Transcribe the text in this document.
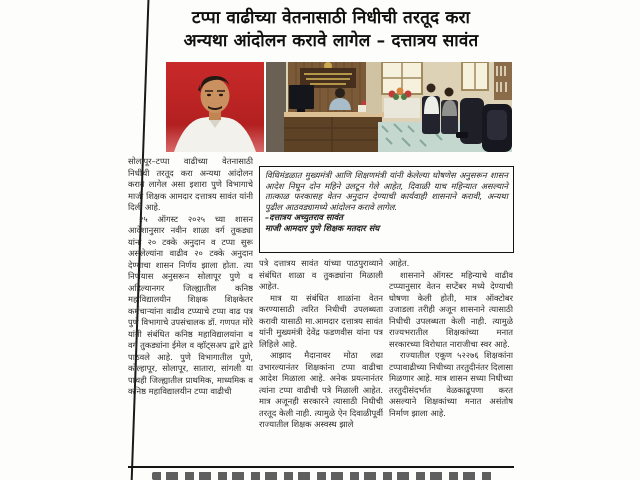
टप्पा वाढीच्या वेतनासाठी निधीची तरतूद करा
अन्यथा आंदोलन करावे लागेल – दत्तात्रय सावंत

सोलापूर–टप्पा वाढीच्या वेतनासाठी निधीची तरतूद करा अन्यथा आंदोलन करावे लागेल असा इशारा पुणे विभागाचे माजी शिक्षक आमदार दत्तात्रय सावंत यांनी दिली आहे.

२५ ऑगस्ट २०२५ च्या शासन आदेशानुसार नवीन शाळा वर्ग तुकड्या यांना २० टक्के अनुदान व टप्पा सुरू असलेल्यांना वाढीव २० टक्के अनुदान देण्याचा शासन निर्णय झाला होता. त्या निर्णयास अनुसरून सोलापूर पुणे व अहिल्यानगर जिल्ह्यातील कनिष्ठ महाविद्यालयीन शिक्षक शिक्षकेतर कर्मचाऱ्यांना वाढीव टप्प्याचे टप्पा वाढ पत्र पुणे विभागाचे उपसंचालक डॉ. गणपत मोरे यांनी संबंधित कनिष्ठ महाविद्यालयांना व वर्ग तुकड्यांना ईमेल व व्हॉट्सअप द्वारे द्वारे पाठवले आहे. पुणे विभागातील पुणे, कोल्हापूर, सोलापूर, सातारा, सांगली या पाचही जिल्ह्यातील प्राथमिक, माध्यमिक व कनिष्ठ महाविद्यालयीन टप्पा वाढीची

विधिमंडळात मुख्यमंत्री आणि शिक्षणमंत्री यांनी केलेल्या घोषणेस अनुसरून शासन आदेश निघून दोन महिने उलटून गेले आहेत, दिवाळी याच महिन्यात असल्याने तात्काळ फरकासह वेतन अनुदान देण्याची कार्यवाही शासनाने करावी, अन्यथा पुढील आठवड्यामध्ये आंदोलन करावे लागेल.

–दत्तात्रय अच्युतराव सावंत

माजी आमदार पुणे शिक्षक मतदार संघ

पत्रे दत्तात्रय सावंत यांच्या पाठपुराव्याने संबंधित शाळा व तुकड्यांना मिळाली आहेत.

मात्र या संबंधित शाळांना वेतन करण्यासाठी त्वरित निधीची उपलब्धता करावी यासाठी मा.आमदार दत्तात्रय सावंत यांनी मुख्यमंत्री देवेंद्र फडणवीस यांना पत्र लिहिले आहे.

आझाद मैदानावर मोठा लढा उभारल्यानंतर शिक्षकांना टप्पा वाढीचा आदेश मिळाला आहे. अनेक प्रयत्नानंतर त्यांना टप्पा वाढीची पत्रे मिळाली आहेत. मात्र अजूनही सरकारने त्यासाठी निधीची तरतूद केली नाही. त्यामुळे ऐन दिवाळीपूर्वी राज्यातील शिक्षक अस्वस्थ झाले

आहेत.

शासनाने ऑगस्ट महिन्याचे वाढीव टप्प्यानुसार वेतन सप्टेंबर मध्ये देण्याची घोषणा केली होती, मात्र ऑक्टोबर उजाडला तरीही अजून शासनाने त्यासाठी निधीची उपलब्धता केली नाही. त्यामुळे राज्यभरातील शिक्षकांच्या मनात सरकारच्या विरोधात नाराजीचा स्वर आहे.

राज्यातील एकूण ५२२७६ शिक्षकांना टप्पावाढीच्या निधीच्या तरतुदीनंतर दिलासा मिळणार आहे. मात्र शासन सध्या निधीच्या तरतुदीसंदर्भात वेळकाढूपणा करत असल्याने शिक्षकांच्या मनात असंतोष निर्माण झाला आहे.
